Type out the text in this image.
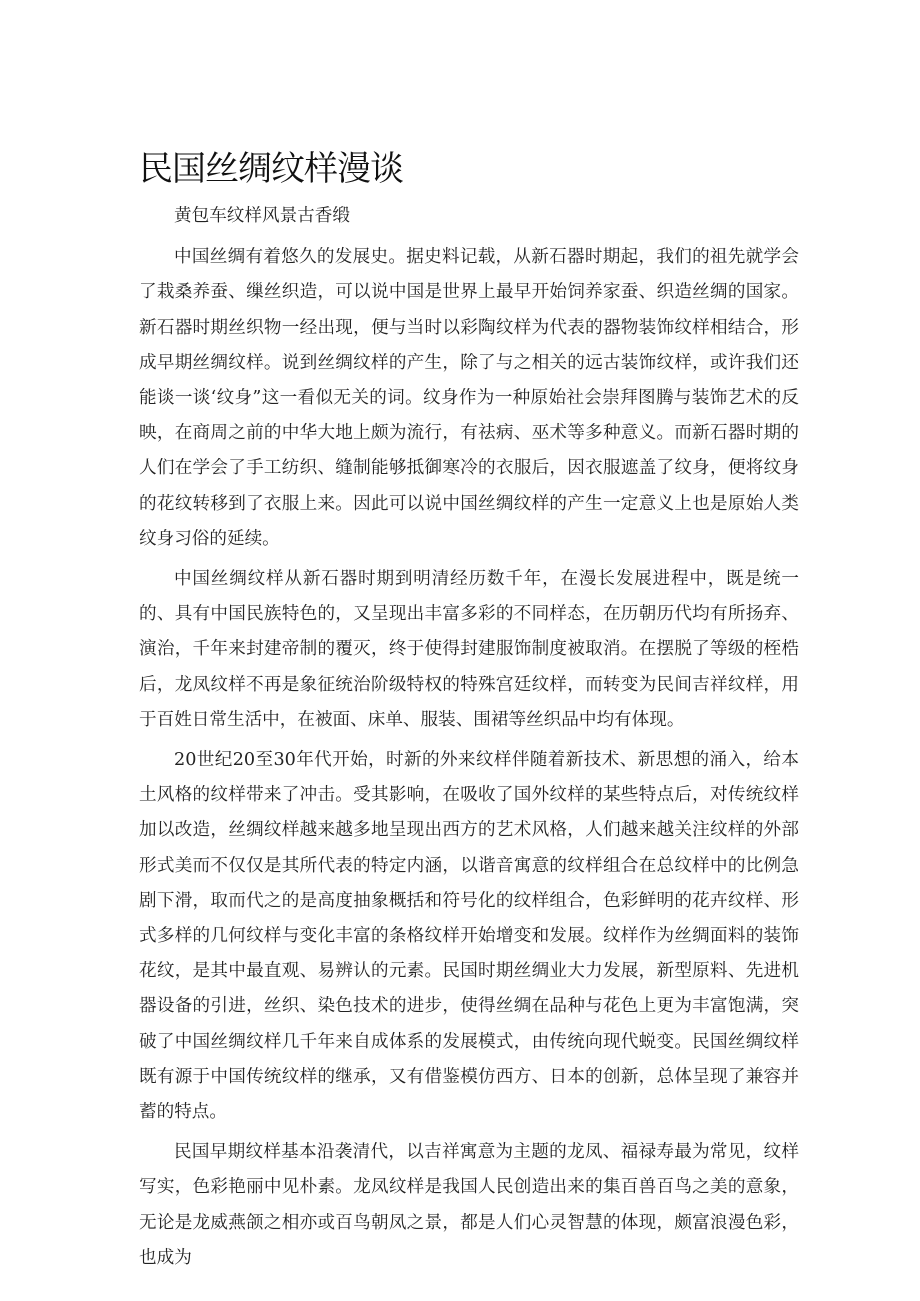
民国丝绸纹样漫谈

黄包车纹样风景古香缎

中国丝绸有着悠久的发展史。据史料记载，从新石器时期起，我们的祖先就学会了栽桑养蚕、缫丝织造，可以说中国是世界上最早开始饲养家蚕、织造丝绸的国家。新石器时期丝织物一经出现，便与当时以彩陶纹样为代表的器物装饰纹样相结合，形成早期丝绸纹样。说到丝绸纹样的产生，除了与之相关的远古装饰纹样，或许我们还能谈一谈‘纹身”这一看似无关的词。纹身作为一种原始社会崇拜图腾与装饰艺术的反映，在商周之前的中华大地上颇为流行，有祛病、巫术等多种意义。而新石器时期的人们在学会了手工纺织、缝制能够抵御寒冷的衣服后，因衣服遮盖了纹身，便将纹身的花纹转移到了衣服上来。因此可以说中国丝绸纹样的产生一定意义上也是原始人类纹身习俗的延续。

中国丝绸纹样从新石器时期到明清经历数千年，在漫长发展进程中，既是统一的、具有中国民族特色的，又呈现出丰富多彩的不同样态，在历朝历代均有所扬弃、演治，千年来封建帝制的覆灭，终于使得封建服饰制度被取消。在摆脱了等级的桎梏后，龙凤纹样不再是象征统治阶级特权的特殊宫廷纹样，而转变为民间吉祥纹样，用于百姓日常生活中，在被面、床单、服装、围裙等丝织品中均有体现。

20世纪20至30年代开始，时新的外来纹样伴随着新技术、新思想的涌入，给本土风格的纹样带来了冲击。受其影响，在吸收了国外纹样的某些特点后，对传统纹样加以改造，丝绸纹样越来越多地呈现出西方的艺术风格，人们越来越关注纹样的外部形式美而不仅仅是其所代表的特定内涵，以谐音寓意的纹样组合在总纹样中的比例急剧下滑，取而代之的是高度抽象概括和符号化的纹样组合，色彩鲜明的花卉纹样、形式多样的几何纹样与变化丰富的条格纹样开始增变和发展。纹样作为丝绸面料的装饰花纹，是其中最直观、易辨认的元素。民国时期丝绸业大力发展，新型原料、先进机器设备的引进，丝织、染色技术的进步，使得丝绸在品种与花色上更为丰富饱满，突破了中国丝绸纹样几千年来自成体系的发展模式，由传统向现代蜕变。民国丝绸纹样既有源于中国传统纹样的继承，又有借鉴模仿西方、日本的创新，总体呈现了兼容并蓄的特点。

民国早期纹样基本沿袭清代，以吉祥寓意为主题的龙凤、福禄寿最为常见，纹样写实，色彩艳丽中见朴素。龙凤纹样是我国人民创造出来的集百兽百鸟之美的意象，无论是龙威燕颌之相亦或百鸟朝凤之景，都是人们心灵智慧的体现，颇富浪漫色彩，也成为
